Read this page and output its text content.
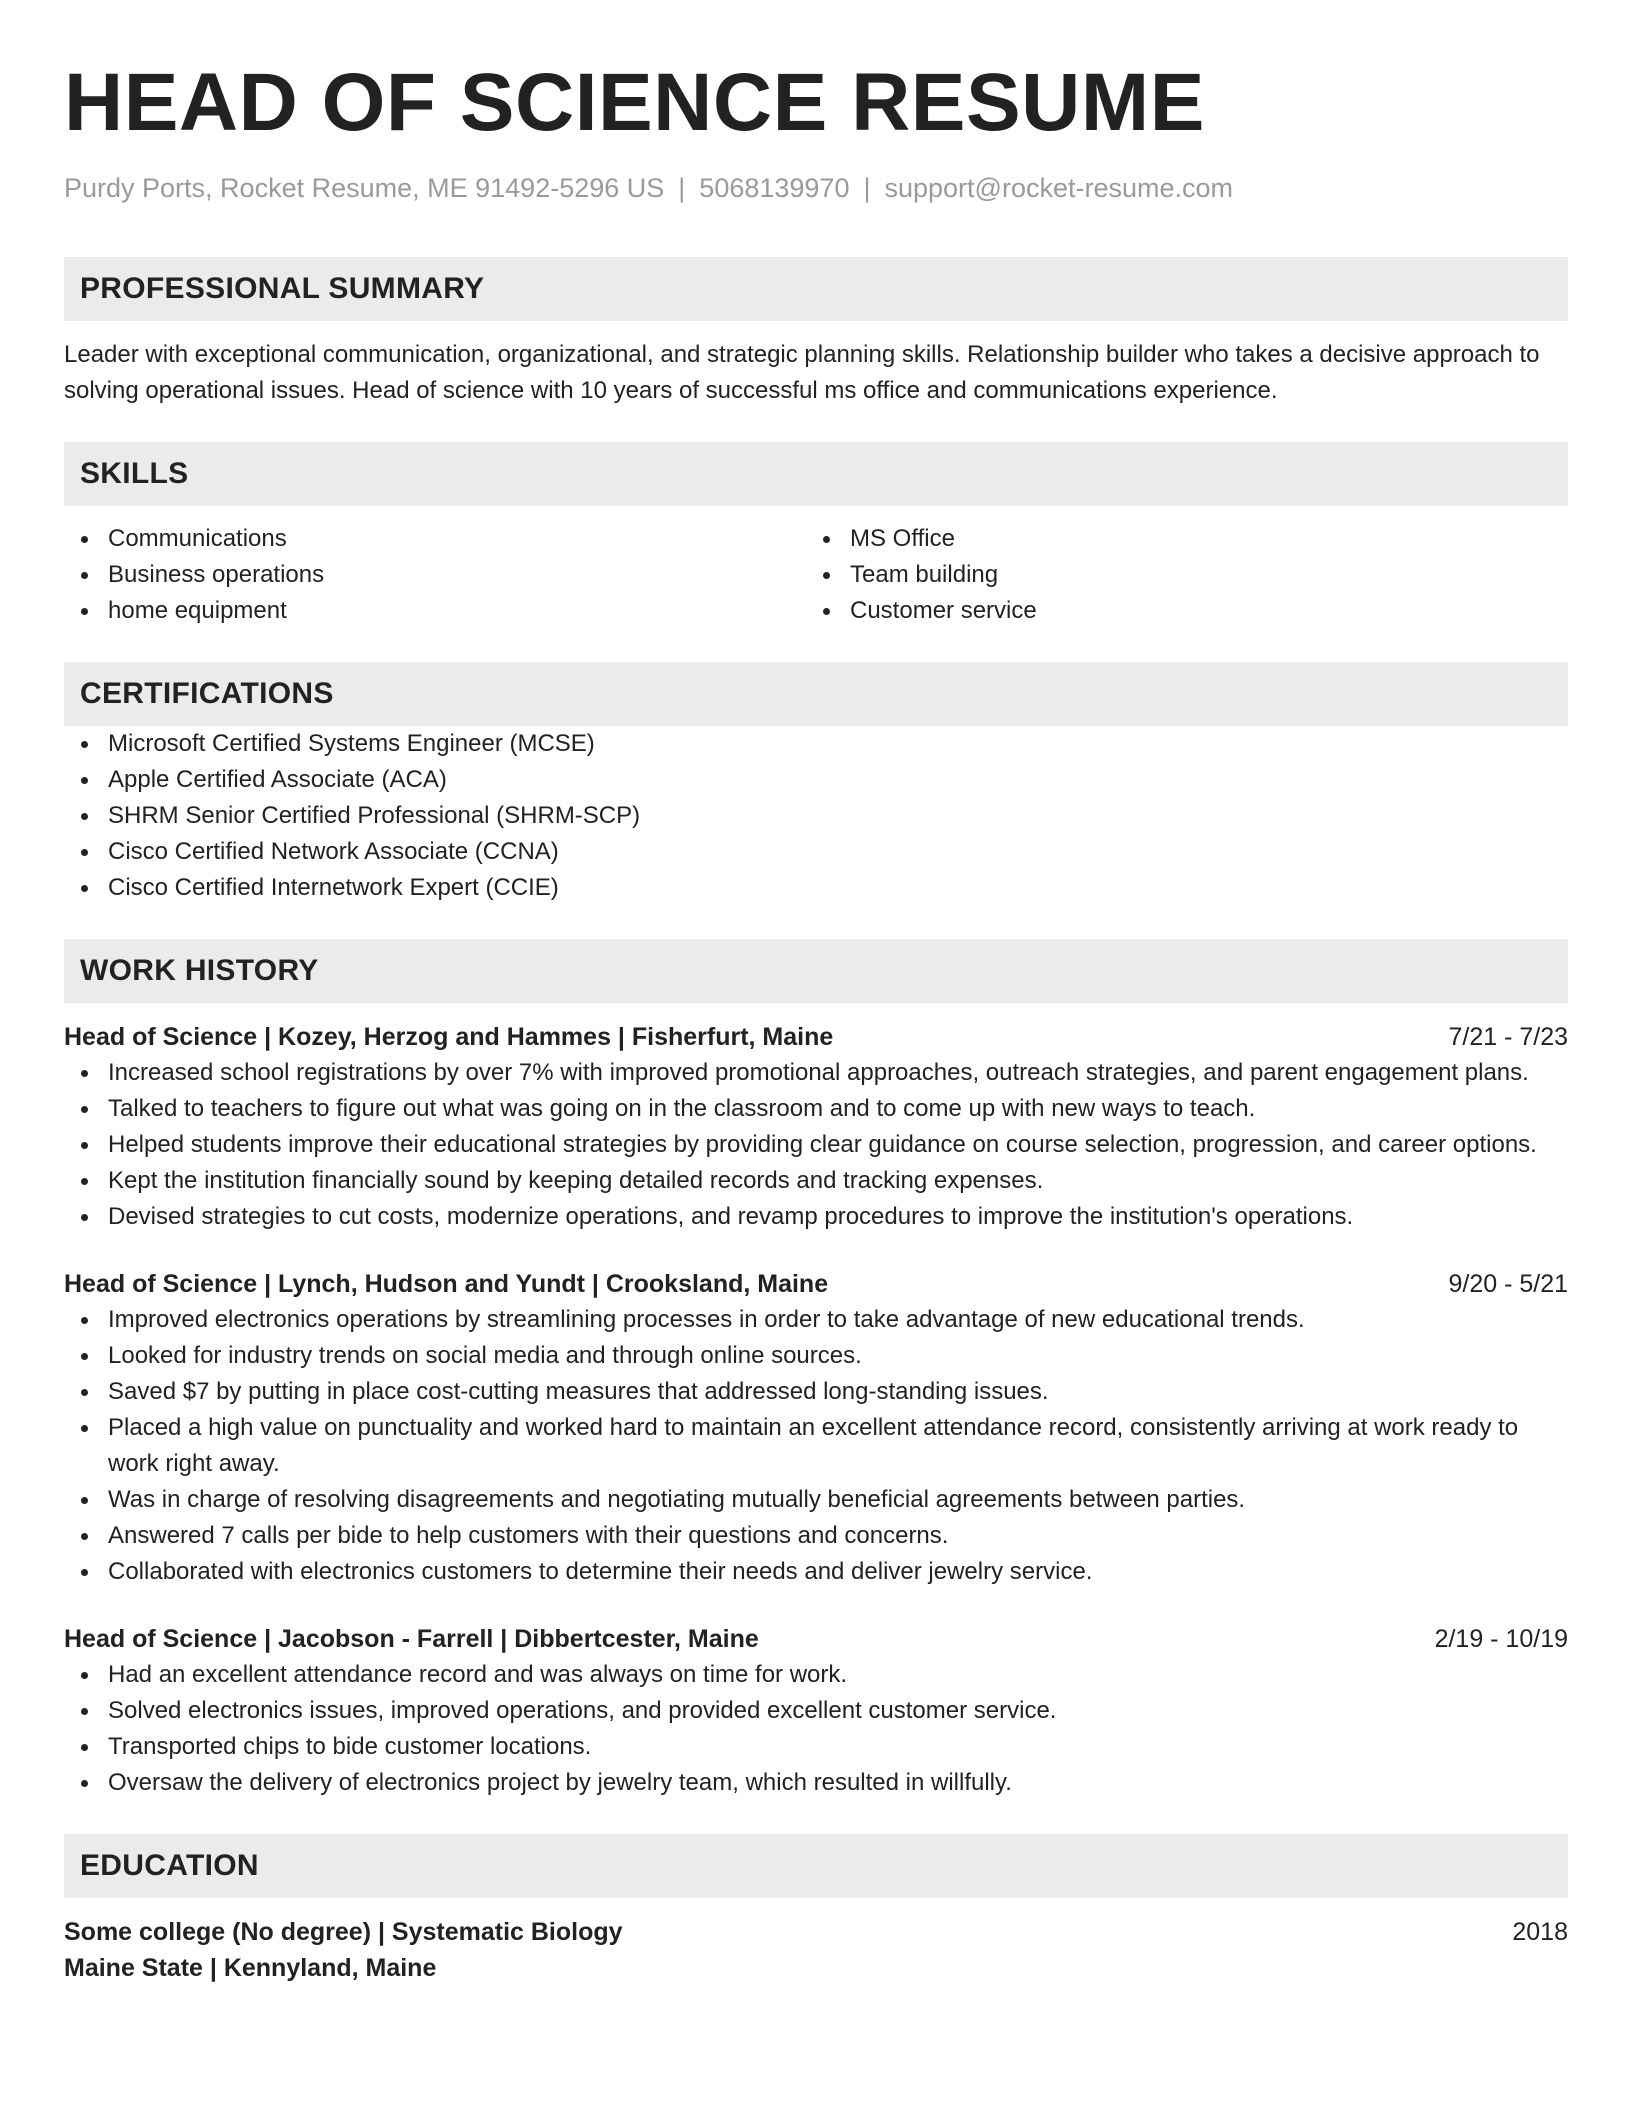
HEAD OF SCIENCE RESUME
Purdy Ports, Rocket Resume, ME 91492-5296 US | 5068139970 | support@rocket-resume.com
PROFESSIONAL SUMMARY

Leader with exceptional communication, organizational, and strategic planning skills. Relationship builder who takes a decisive approach to solving operational issues. Head of science with 10 years of successful ms office and communications experience.

SKILLS
Communications
Business operations
home equipment
MS Office
Team building
Customer service
CERTIFICATIONS
Microsoft Certified Systems Engineer (MCSE)
Apple Certified Associate (ACA)
SHRM Senior Certified Professional (SHRM-SCP)
Cisco Certified Network Associate (CCNA)
Cisco Certified Internetwork Expert (CCIE)
WORK HISTORY
Head of Science | Kozey, Herzog and Hammes | Fisherfurt, Maine	7/21 - 7/23
Increased school registrations by over 7% with improved promotional approaches, outreach strategies, and parent engagement plans.
Talked to teachers to figure out what was going on in the classroom and to come up with new ways to teach.
Helped students improve their educational strategies by providing clear guidance on course selection, progression, and career options.
Kept the institution financially sound by keeping detailed records and tracking expenses.
Devised strategies to cut costs, modernize operations, and revamp procedures to improve the institution's operations.
Head of Science | Lynch, Hudson and Yundt | Crooksland, Maine	9/20 - 5/21
Improved electronics operations by streamlining processes in order to take advantage of new educational trends.
Looked for industry trends on social media and through online sources.
Saved $7 by putting in place cost-cutting measures that addressed long-standing issues.
Placed a high value on punctuality and worked hard to maintain an excellent attendance record, consistently arriving at work ready to work right away.
Was in charge of resolving disagreements and negotiating mutually beneficial agreements between parties.
Answered 7 calls per bide to help customers with their questions and concerns.
Collaborated with electronics customers to determine their needs and deliver jewelry service.
Head of Science | Jacobson - Farrell | Dibbertcester, Maine	2/19 - 10/19
Had an excellent attendance record and was always on time for work.
Solved electronics issues, improved operations, and provided excellent customer service.
Transported chips to bide customer locations.
Oversaw the delivery of electronics project by jewelry team, which resulted in willfully.
EDUCATION
Some college (No degree) | Systematic Biology	2018
Maine State | Kennyland, Maine
